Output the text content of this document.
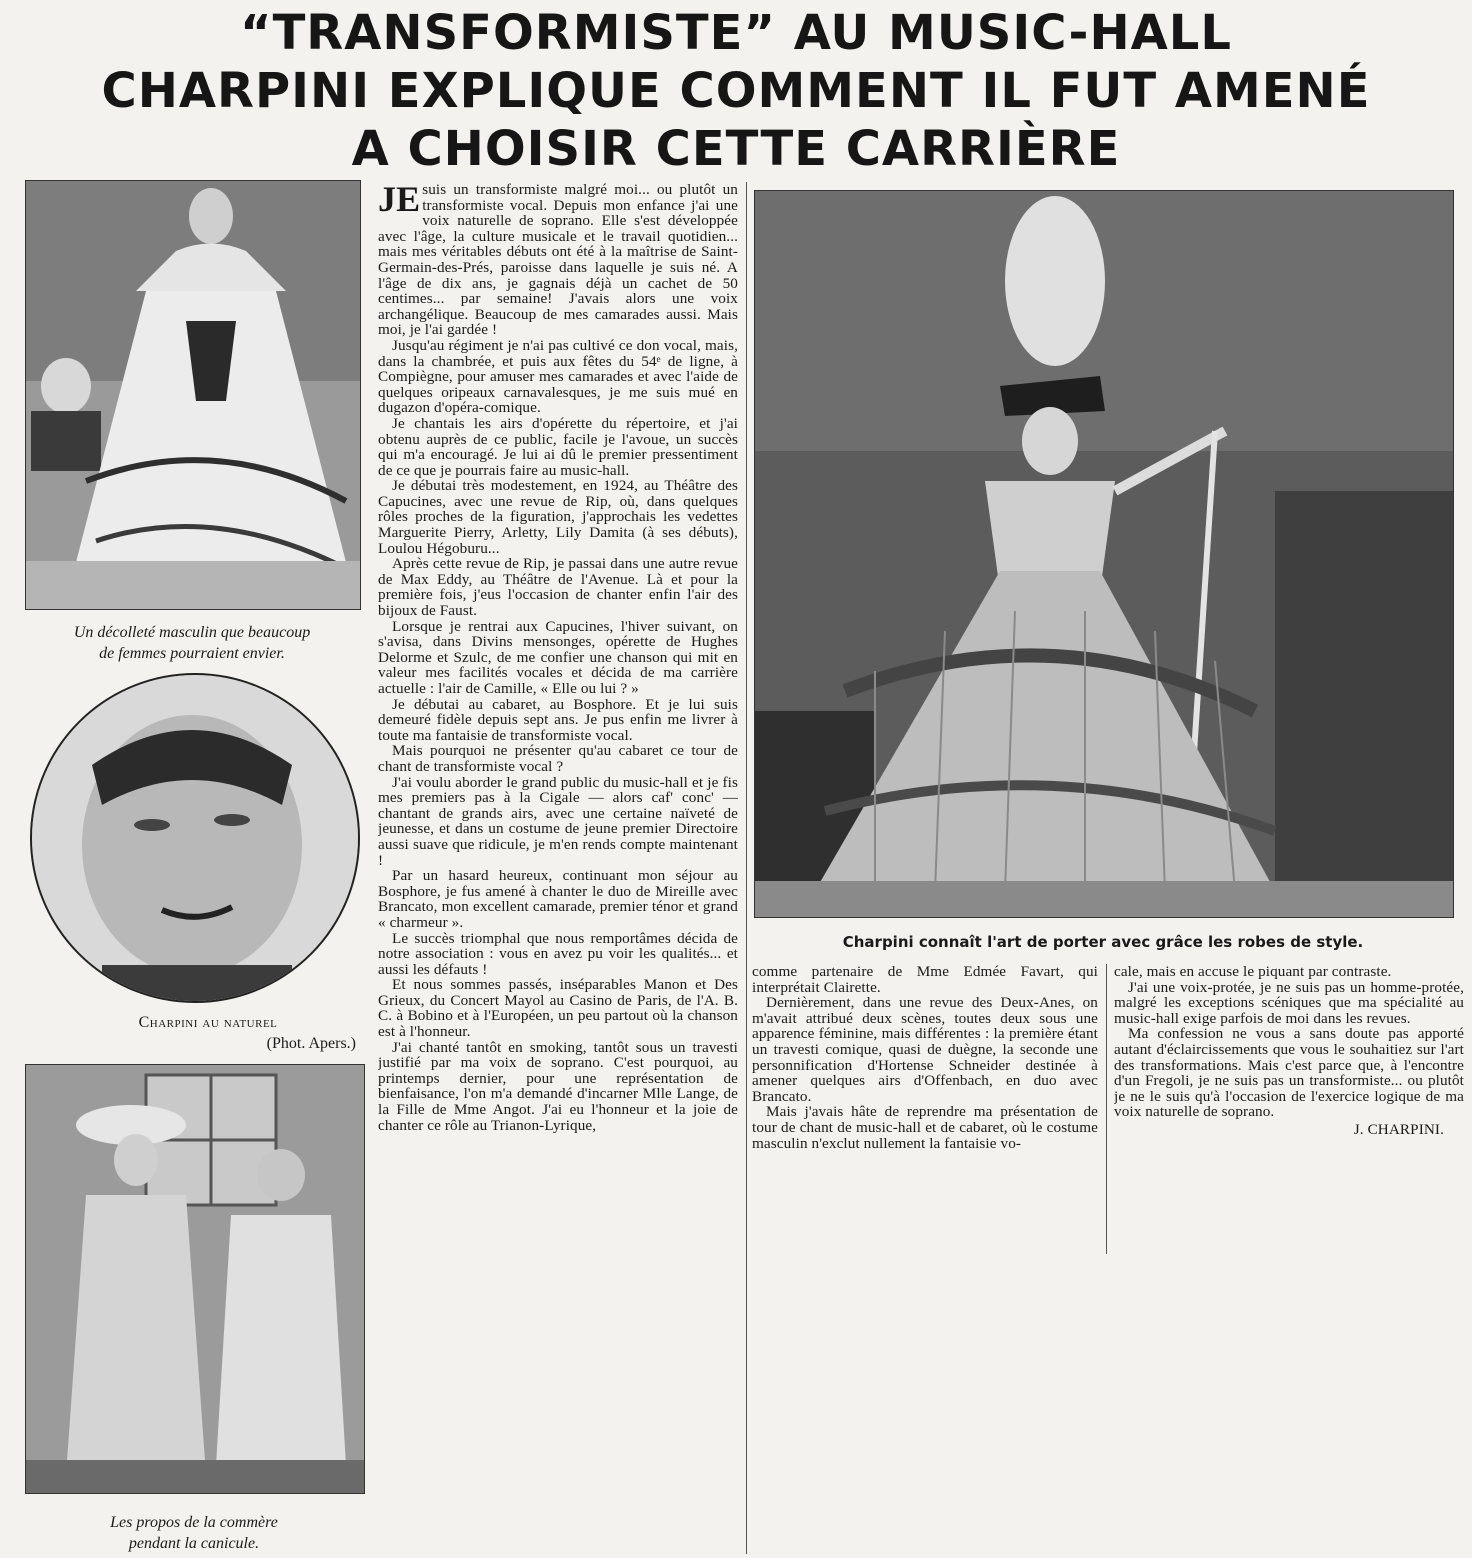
“TRANSFORMISTE” AU MUSIC-HALL
CHARPINI EXPLIQUE COMMENT IL FUT AMENÉ
A CHOISIR CETTE CARRIÈRE
Un décolleté masculin que beaucoup
de femmes pourraient envier.
Charpini au naturel
(Phot. Apers.)
Les propos de la commère
pendant la canicule.

JE suis un transformiste malgré moi... ou plutôt un transformiste vocal. Depuis mon enfance j'ai une voix naturelle de soprano. Elle s'est développée avec l'âge, la culture musicale et le travail quotidien... mais mes véritables débuts ont été à la maîtrise de Saint-Germain-des-Prés, paroisse dans laquelle je suis né. A l'âge de dix ans, je gagnais déjà un cachet de 50 centimes... par semaine! J'avais alors une voix archangélique. Beaucoup de mes camarades aussi. Mais moi, je l'ai gardée !

Jusqu'au régiment je n'ai pas cultivé ce don vocal, mais, dans la chambrée, et puis aux fêtes du 54ᵉ de ligne, à Compiègne, pour amuser mes camarades et avec l'aide de quelques oripeaux carnavalesques, je me suis mué en dugazon d'opéra-comique.

Je chantais les airs d'opérette du répertoire, et j'ai obtenu auprès de ce public, facile je l'avoue, un succès qui m'a encouragé. Je lui ai dû le premier pressentiment de ce que je pourrais faire au music-hall.

Je débutai très modestement, en 1924, au Théâtre des Capucines, avec une revue de Rip, où, dans quelques rôles proches de la figuration, j'approchais les vedettes Marguerite Pierry, Arletty, Lily Damita (à ses débuts), Loulou Hégoburu...

Après cette revue de Rip, je passai dans une autre revue de Max Eddy, au Théâtre de l'Avenue. Là et pour la première fois, j'eus l'occasion de chanter enfin l'air des bijoux de Faust.

Lorsque je rentrai aux Capucines, l'hiver suivant, on s'avisa, dans Divins mensonges, opérette de Hughes Delorme et Szulc, de me confier une chanson qui mit en valeur mes facilités vocales et décida de ma carrière actuelle : l'air de Camille, « Elle ou lui ? »

Je débutai au cabaret, au Bosphore. Et je lui suis demeuré fidèle depuis sept ans. Je pus enfin me livrer à toute ma fantaisie de transformiste vocal.

Mais pourquoi ne présenter qu'au cabaret ce tour de chant de transformiste vocal ?

J'ai voulu aborder le grand public du music-hall et je fis mes premiers pas à la Cigale — alors caf' conc' — chantant de grands airs, avec une certaine naïveté de jeunesse, et dans un costume de jeune premier Directoire aussi suave que ridicule, je m'en rends compte maintenant !

Par un hasard heureux, continuant mon séjour au Bosphore, je fus amené à chanter le duo de Mireille avec Brancato, mon excellent camarade, premier ténor et grand « charmeur ».

Le succès triomphal que nous remportâmes décida de notre association : vous en avez pu voir les qualités... et aussi les défauts !

Et nous sommes passés, inséparables Manon et Des Grieux, du Concert Mayol au Casino de Paris, de l'A. B. C. à Bobino et à l'Européen, un peu partout où la chanson est à l'honneur.

J'ai chanté tantôt en smoking, tantôt sous un travesti justifié par ma voix de soprano. C'est pourquoi, au printemps dernier, pour une représentation de bienfaisance, l'on m'a demandé d'incarner Mlle Lange, de la Fille de Mme Angot. J'ai eu l'honneur et la joie de chanter ce rôle au Trianon-Lyrique,

Charpini connaît l'art de porter avec grâce les robes de style.

comme partenaire de Mme Edmée Favart, qui interprétait Clairette.

Dernièrement, dans une revue des Deux-Anes, on m'avait attribué deux scènes, toutes deux sous une apparence féminine, mais différentes : la première étant un travesti comique, quasi de duègne, la seconde une personnification d'Hortense Schneider destinée à amener quelques airs d'Offenbach, en duo avec Brancato.

Mais j'avais hâte de reprendre ma présentation de tour de chant de music-hall et de cabaret, où le costume masculin n'exclut nullement la fantaisie vo-

cale, mais en accuse le piquant par contraste.

J'ai une voix-protée, je ne suis pas un homme-protée, malgré les exceptions scéniques que ma spécialité au music-hall exige parfois de moi dans les revues.

Ma confession ne vous a sans doute pas apporté autant d'éclaircissements que vous le souhaitiez sur l'art des transformations. Mais c'est parce que, à l'encontre d'un Fregoli, je ne suis pas un transformiste... ou plutôt je ne le suis qu'à l'occasion de l'exercice logique de ma voix naturelle de soprano.

J. CHARPINI.
